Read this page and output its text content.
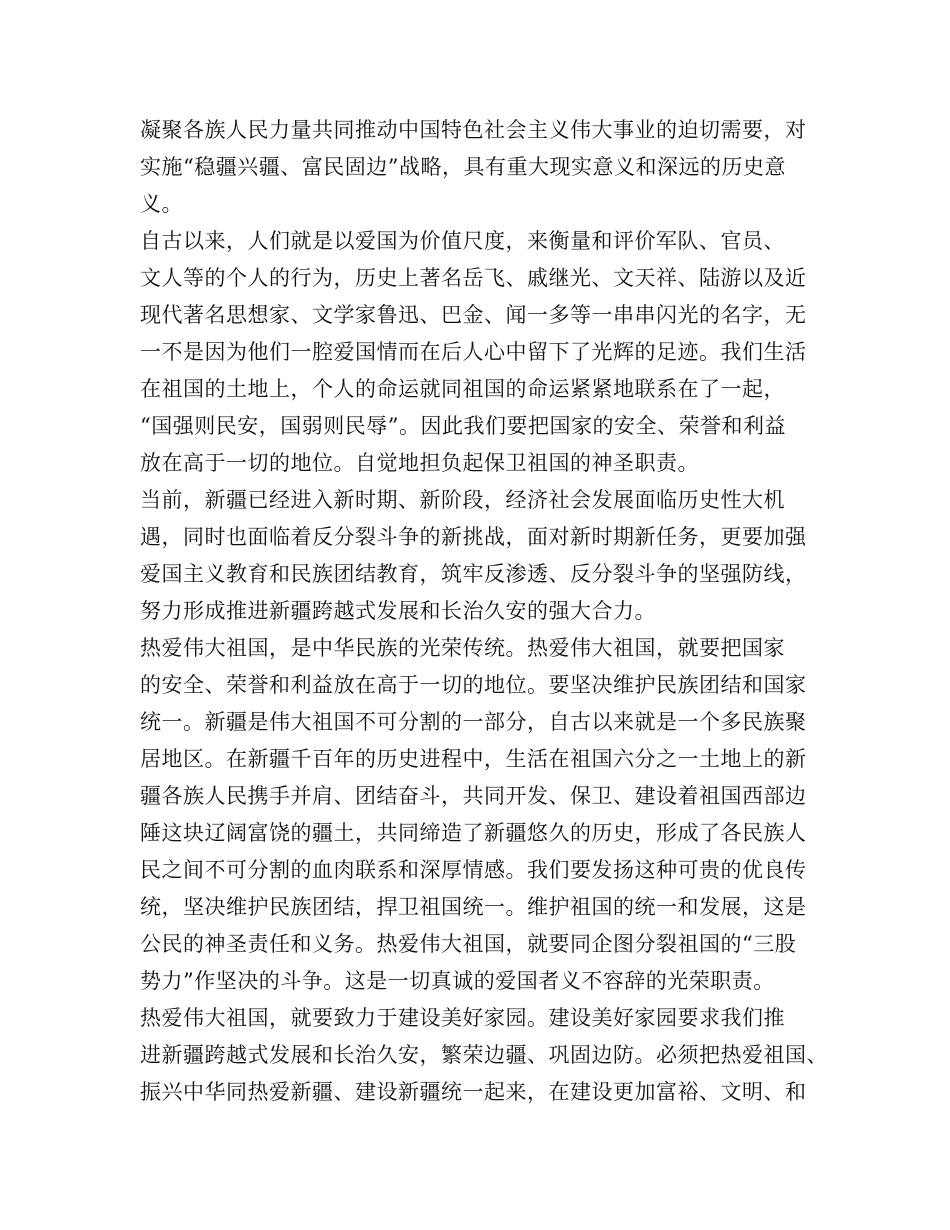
凝聚各族人民力量共同推动中国特色社会主义伟大事业的迫切需要，对
实施“稳疆兴疆、富民固边”战略，具有重大现实意义和深远的历史意
义。
自古以来，人们就是以爱国为价值尺度，来衡量和评价军队、官员、
文人等的个人的行为，历史上著名岳飞、戚继光、文天祥、陆游以及近
现代著名思想家、文学家鲁迅、巴金、闻一多等一串串闪光的名字，无
一不是因为他们一腔爱国情而在后人心中留下了光辉的足迹。我们生活
在祖国的土地上，个人的命运就同祖国的命运紧紧地联系在了一起，
“国强则民安，国弱则民辱”。因此我们要把国家的安全、荣誉和利益
放在高于一切的地位。自觉地担负起保卫祖国的神圣职责。
当前，新疆已经进入新时期、新阶段，经济社会发展面临历史性大机
遇，同时也面临着反分裂斗争的新挑战，面对新时期新任务，更要加强
爱国主义教育和民族团结教育，筑牢反渗透、反分裂斗争的坚强防线，
努力形成推进新疆跨越式发展和长治久安的强大合力。
热爱伟大祖国，是中华民族的光荣传统。热爱伟大祖国，就要把国家
的安全、荣誉和利益放在高于一切的地位。要坚决维护民族团结和国家
统一。新疆是伟大祖国不可分割的一部分，自古以来就是一个多民族聚
居地区。在新疆千百年的历史进程中，生活在祖国六分之一土地上的新
疆各族人民携手并肩、团结奋斗，共同开发、保卫、建设着祖国西部边
陲这块辽阔富饶的疆土，共同缔造了新疆悠久的历史，形成了各民族人
民之间不可分割的血肉联系和深厚情感。我们要发扬这种可贵的优良传
统，坚决维护民族团结，捍卫祖国统一。维护祖国的统一和发展，这是
公民的神圣责任和义务。热爱伟大祖国，就要同企图分裂祖国的“三股
势力”作坚决的斗争。这是一切真诚的爱国者义不容辞的光荣职责。
热爱伟大祖国，就要致力于建设美好家园。建设美好家园要求我们推
进新疆跨越式发展和长治久安，繁荣边疆、巩固边防。必须把热爱祖国、
振兴中华同热爱新疆、建设新疆统一起来，在建设更加富裕、文明、和
